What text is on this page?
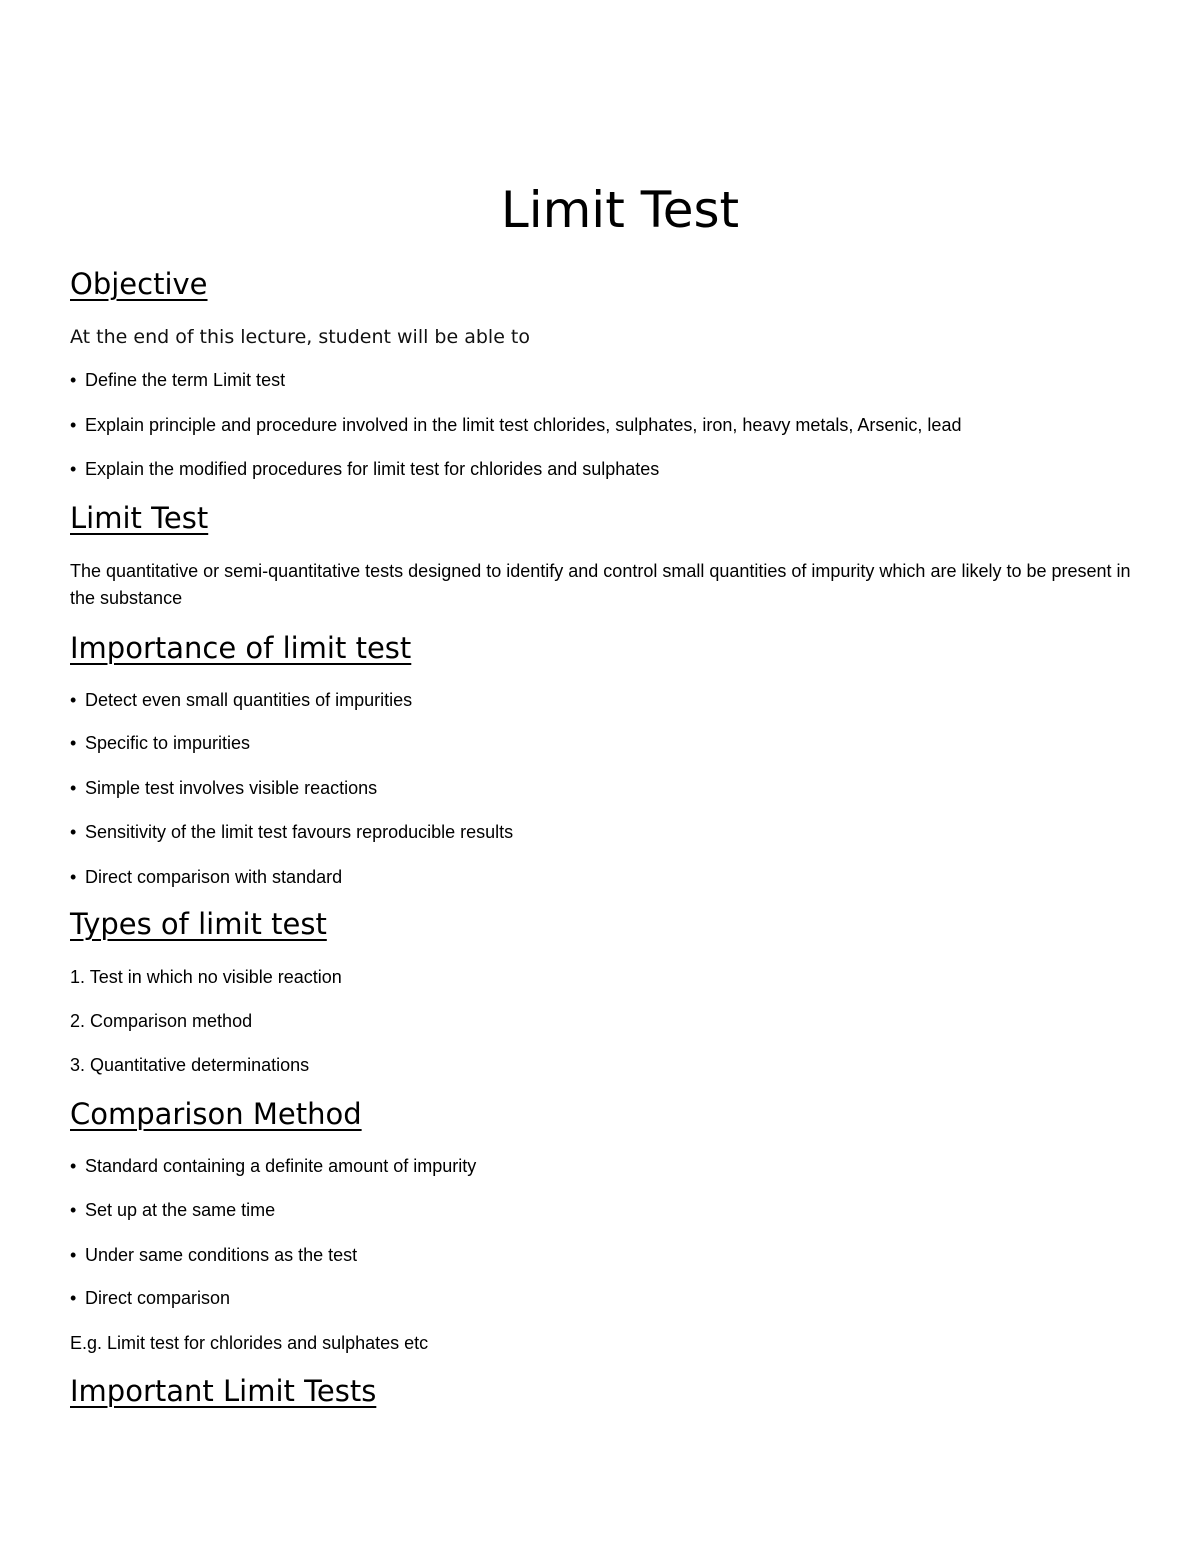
Limit Test
Objective

At the end of this lecture, student will be able to

• Define the term Limit test

• Explain principle and procedure involved in the limit test chlorides, sulphates, iron, heavy metals, Arsenic, lead

• Explain the modified procedures for limit test for chlorides and sulphates

Limit Test

The quantitative or semi-quantitative tests designed to identify and control small quantities of impurity which are likely to be present in the substance

Importance of limit test

• Detect even small quantities of impurities

• Specific to impurities

• Simple test involves visible reactions

• Sensitivity of the limit test favours reproducible results

• Direct comparison with standard

Types of limit test

1. Test in which no visible reaction

2. Comparison method

3. Quantitative determinations

Comparison Method

• Standard containing a definite amount of impurity

• Set up at the same time

• Under same conditions as the test

• Direct comparison

E.g. Limit test for chlorides and sulphates etc

Important Limit Tests
